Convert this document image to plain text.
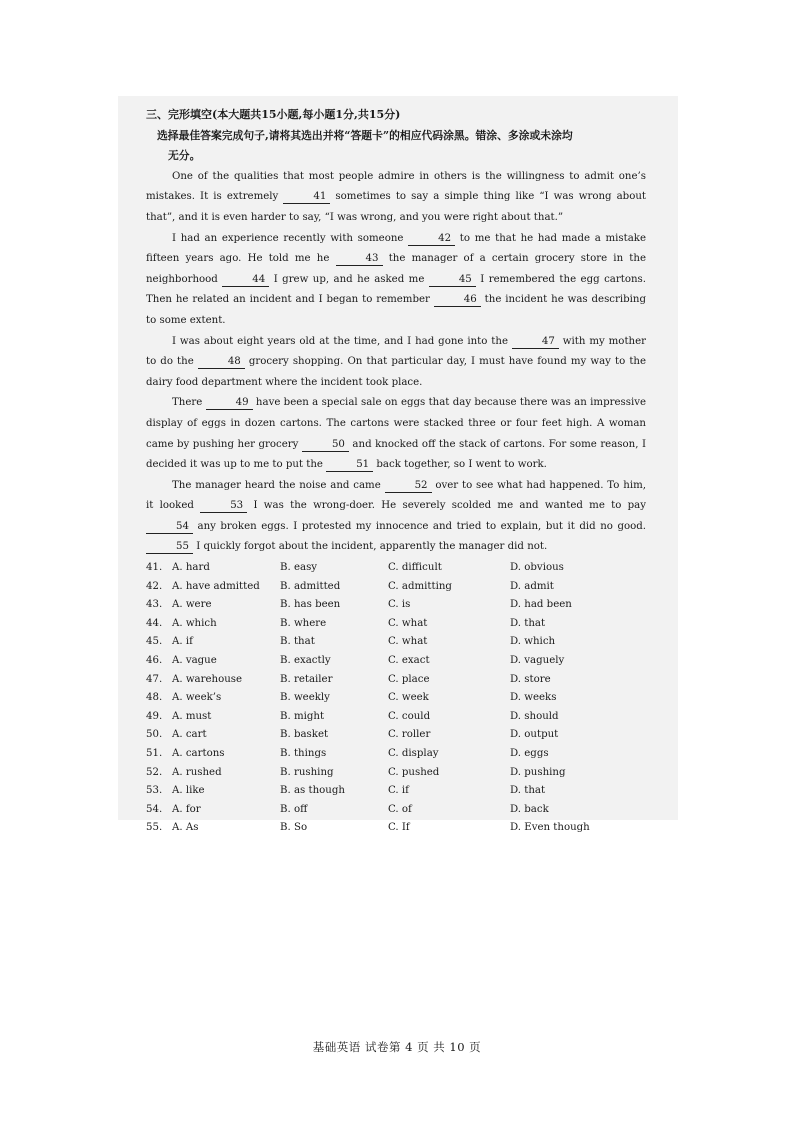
三、完形填空(本大题共15小题,每小题1分,共15分)
选择最佳答案完成句子,请将其选出并将“答题卡”的相应代码涂黑。错涂、多涂或未涂均
无分。

One of the qualities that most people admire in others is the willingness to admit one’s mistakes. It is extremely	41 sometimes to say a simple thing like “I was wrong about that”, and it is even harder to say, “I was wrong, and you were right about that.”

I had an experience recently with someone	42 to me that he had made a mistake fifteen years ago. He told me he	43 the manager of a certain grocery store in the neighborhood	44 I grew up, and he asked me	45 I remembered the egg cartons. Then he related an incident and I began to remember	46 the incident he was describing to some extent.

I was about eight years old at the time, and I had gone into the	47 with my mother to do the	48 grocery shopping. On that particular day, I must have found my way to the dairy food department where the incident took place.

There	49 have been a special sale on eggs that day because there was an impressive display of eggs in dozen cartons. The cartons were stacked three or four feet high. A woman came by pushing her grocery	50 and knocked off the stack of cartons. For some reason, I decided it was up to me to put the	51 back together, so I went to work.

The manager heard the noise and came	52 over to see what had happened. To him, it looked	53 I was the wrong-doer. He severely scolded me and wanted me to pay 54 any broken eggs. I protested my innocence and tried to explain, but it did no good. 55 I quickly forgot about the incident, apparently the manager did not.

41. A. hard	B. easy	C. difficult	D. obvious
42. A. have admitted	B. admitted	C. admitting	D. admit
43. A. were	B. has been	C. is	D. had been
44. A. which	B. where	C. what	D. that
45. A. if	B. that	C. what	D. which
46. A. vague	B. exactly	C. exact	D. vaguely
47. A. warehouse	B. retailer	C. place	D. store
48. A. week’s	B. weekly	C. week	D. weeks
49. A. must	B. might	C. could	D. should
50. A. cart	B. basket	C. roller	D. output
51. A. cartons	B. things	C. display	D. eggs
52. A. rushed	B. rushing	C. pushed	D. pushing
53. A. like	B. as though	C. if	D. that
54. A. for	B. off	C. of	D. back
55. A. As	B. So	C. If	D. Even though
基础英语 试卷第 4 页 共 10 页
